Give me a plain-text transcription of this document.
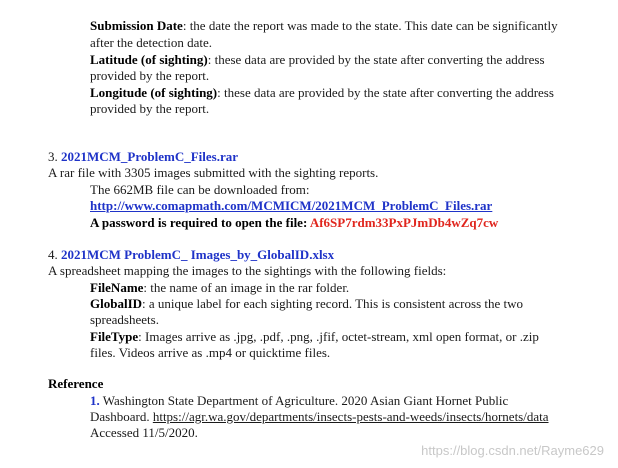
Submission Date: the date the report was made to the state. This date can be significantly
after the detection date.
Latitude (of sighting): these data are provided by the state after converting the address
provided by the report.
Longitude (of sighting): these data are provided by the state after converting the address
provided by the report.
3. 2021MCM_ProblemC_Files.rar
A rar file with 3305 images submitted with the sighting reports.
The 662MB file can be downloaded from:
http://www.comapmath.com/MCMICM/2021MCM_ProblemC_Files.rar
A password is required to open the file: Af6SP7rdm33PxPJmDb4wZq7cw
4. 2021MCM ProblemC_ Images_by_GlobalID.xlsx
A spreadsheet mapping the images to the sightings with the following fields:
FileName: the name of an image in the rar folder.
GlobalID: a unique label for each sighting record. This is consistent across the two
spreadsheets.
FileType: Images arrive as .jpg, .pdf, .png, .jfif, octet-stream, xml open format, or .zip
files. Videos arrive as .mp4 or quicktime files.
Reference
1. Washington State Department of Agriculture. 2020 Asian Giant Hornet Public
Dashboard. https://agr.wa.gov/departments/insects-pests-and-weeds/insects/hornets/data
Accessed 11/5/2020.
https://blog.csdn.net/Rayme629
